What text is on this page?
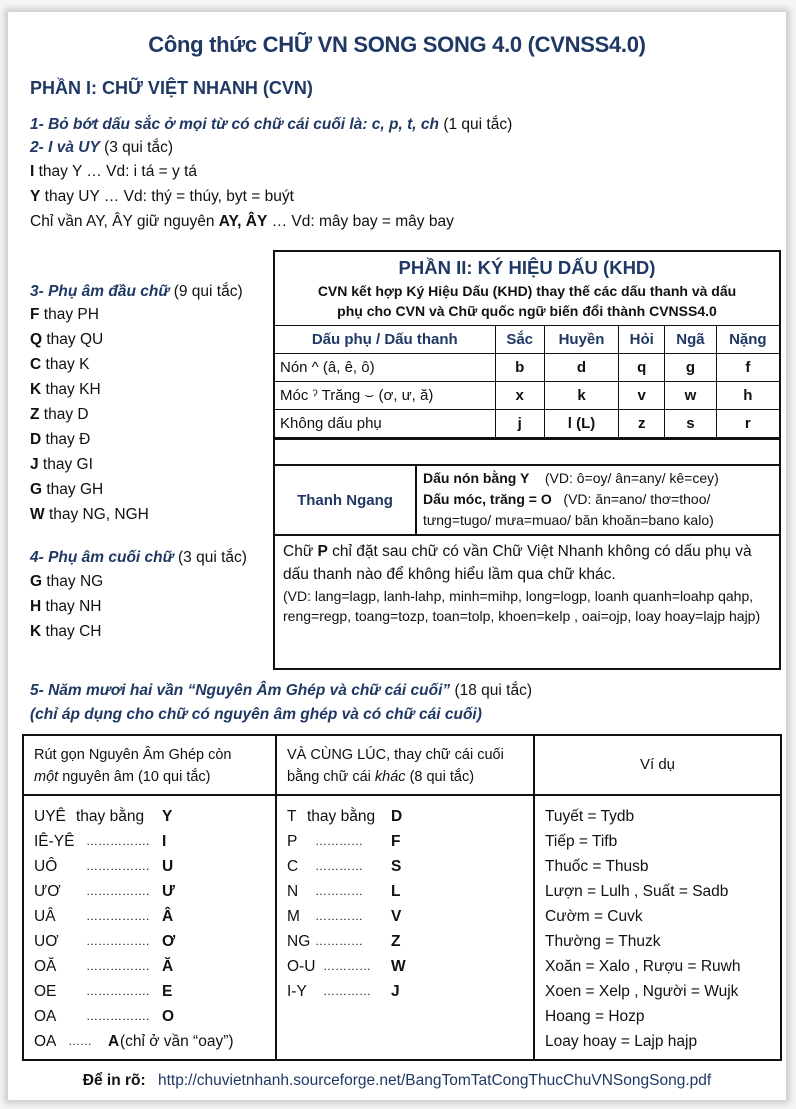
Công thức CHỮ VN SONG SONG 4.0 (CVNSS4.0)
PHẦN I: CHỮ VIỆT NHANH (CVN)
1- Bỏ bớt dấu sắc ở mọi từ có chữ cái cuối là: c, p, t, ch (1 qui tắc)
2- I và UY (3 qui tắc)
I thay Y … Vd: i tá = y tá
Y thay UY … Vd: thý = thúy, byt = buýt
Chỉ vần AY, ÂY giữ nguyên AY, ÂY … Vd: mây bay = mây bay
3- Phụ âm đầu chữ (9 qui tắc)
F thay PH
Q thay QU
C thay K
K thay KH
Z thay D
D thay Đ
J thay GI
G thay GH
W thay NG, NGH
4- Phụ âm cuối chữ (3 qui tắc)
G thay NG
H thay NH
K thay CH
PHẦN II: KÝ HIỆU DẤU (KHD)
CVN kết hợp Ký Hiệu Dấu (KHD) thay thế các dấu thanh và dấu
phụ cho CVN và Chữ quốc ngữ biến đổi thành CVNSS4.0
Dấu phụ / Dấu thanh	Sắc	Huyền	Hỏi	Ngã	Nặng
Nón ^ (â, ê, ô)	b	d	q	g	f
Móc ˀ Trăng ⌣ (ơ, ư, ă)	x	k	v	w	h
Không dấu phụ	j	l (L)	z	s	r
Thanh Ngang
Dấu nón bằng Y (VD: ô=oy/ ân=any/ kê=cey)
Dấu móc, trăng = O (VD: ăn=ano/ thơ=thoo/
tưng=tugo/ mưa=muao/ băn khoăn=bano kalo)
Chữ P chỉ đặt sau chữ có vần Chữ Việt Nhanh không có dấu phụ và dấu thanh nào để không hiểu lầm qua chữ khác.
(VD: lang=lagp, lanh-lahp, minh=mihp, long=logp, loanh quanh=loahp qahp, reng=regp, toang=tozp, toan=tolp, khoen=kelp , oai=ojp, loay hoay=lajp hajp)
5- Năm mươi hai vần “Nguyên Âm Ghép và chữ cái cuối” (18 qui tắc)
(chỉ áp dụng cho chữ có nguyên âm ghép và có chữ cái cuối)
Rút gọn Nguyên Âm Ghép còn
một nguyên âm (10 qui tắc)
VÀ CÙNG LÚC, thay chữ cái cuối
bằng chữ cái khác (8 qui tắc)
Ví dụ
UYÊ thay bằng Y
IÊ-YÊ ……………. I
UÔ ……………. U
ƯƠ ……………. Ư
UÂ	……………. Â
UƠ ……………. Ơ
OĂ ……………. Ă
OE ……………. E
OA ……………. O
OA …… A (chỉ ở vần “oay”)
T thay bằng D
P ………… F
C ………… S
N ………… L
M ………… V
NG ………… Z
O-U ………… W
I-Y ………… J
Tuyết = Tydb
Tiếp = Tifb
Thuốc = Thusb
Lượn = Lulh , Suất = Sadb
Cườm = Cuvk
Thường = Thuzk
Xoăn = Xalo , Rượu = Ruwh
Xoen = Xelp , Người = Wujk
Hoang = Hozp
Loay hoay = Lajp hajp
Để in rõ: http://chuvietnhanh.sourceforge.net/BangTomTatCongThucChuVNSongSong.pdf
